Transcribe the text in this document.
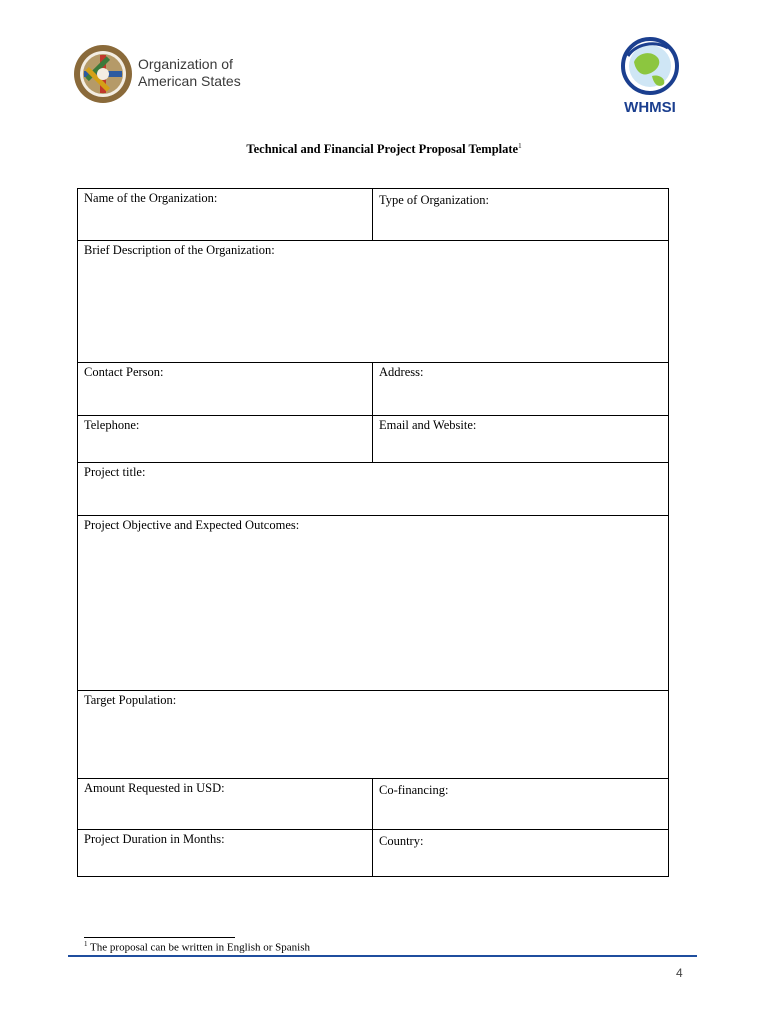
Organization of
American States
WHMSI
Technical and Financial Project Proposal Template$^1$
Name of the Organization:	Type of Organization:
Brief Description of the Organization:	
Contact Person:	Address:
Telephone:	Email and Website:
Project title:	
Project Objective and Expected Outcomes:	
Target Population:	
Amount Requested in USD:	Co-financing:
Project Duration in Months:	Country:
$^1$ The proposal can be written in English or Spanish
4
